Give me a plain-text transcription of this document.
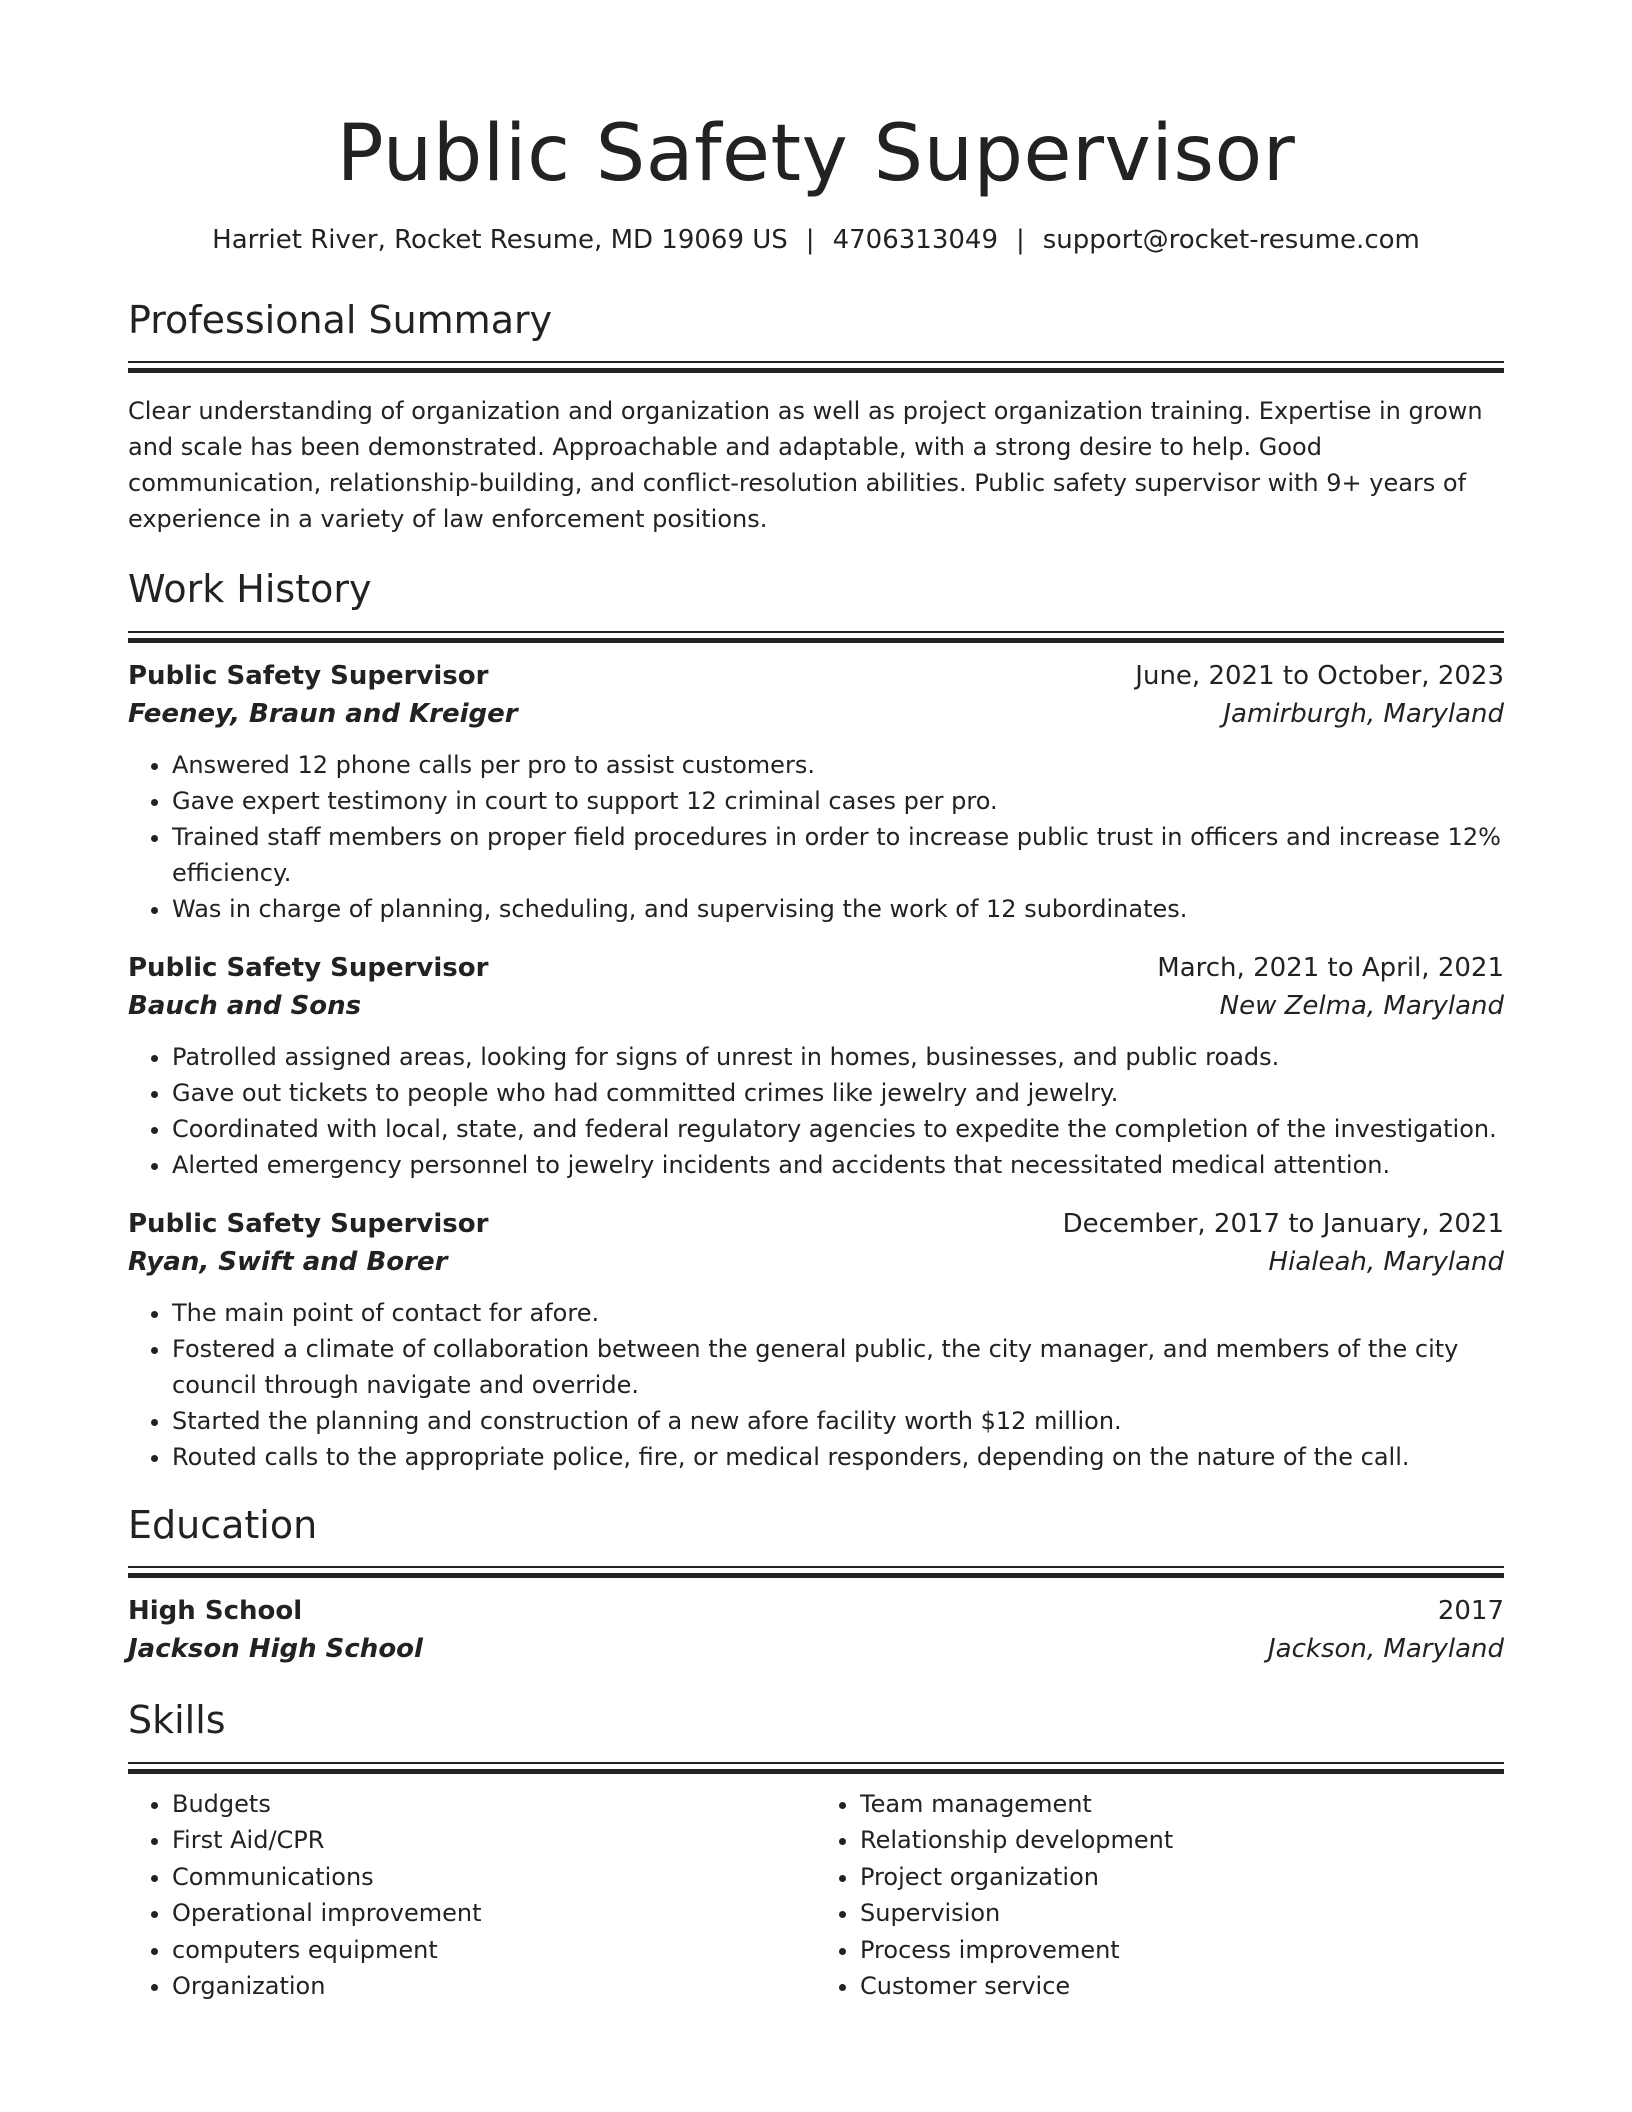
Public Safety Supervisor
Harriet River, Rocket Resume, MD 19069 US | 4706313049 | support@rocket-resume.com
Professional Summary

Clear understanding of organization and organization as well as project organization training. Expertise in grown and scale has been demonstrated. Approachable and adaptable, with a strong desire to help. Good communication, relationship-building, and conflict-resolution abilities. Public safety supervisor with 9+ years of experience in a variety of law enforcement positions.

Work History
Public Safety Supervisor	June, 2021 to October, 2023
Feeney, Braun and Kreiger	Jamirburgh, Maryland
• Answered 12 phone calls per pro to assist customers.
• Gave expert testimony in court to support 12 criminal cases per pro.
• Trained staff members on proper field procedures in order to increase public trust in officers and increase 12% efficiency.
• Was in charge of planning, scheduling, and supervising the work of 12 subordinates.
Public Safety Supervisor	March, 2021 to April, 2021
Bauch and Sons	New Zelma, Maryland
• Patrolled assigned areas, looking for signs of unrest in homes, businesses, and public roads.
• Gave out tickets to people who had committed crimes like jewelry and jewelry.
• Coordinated with local, state, and federal regulatory agencies to expedite the completion of the investigation.
• Alerted emergency personnel to jewelry incidents and accidents that necessitated medical attention.
Public Safety Supervisor	December, 2017 to January, 2021
Ryan, Swift and Borer	Hialeah, Maryland
• The main point of contact for afore.
• Fostered a climate of collaboration between the general public, the city manager, and members of the city council through navigate and override.
• Started the planning and construction of a new afore facility worth $12 million.
• Routed calls to the appropriate police, fire, or medical responders, depending on the nature of the call.
Education
High School	2017
Jackson High School	Jackson, Maryland
Skills
• Budgets
• First Aid/CPR
• Communications
• Operational improvement
• computers equipment
• Organization
• Team management
• Relationship development
• Project organization
• Supervision
• Process improvement
• Customer service
